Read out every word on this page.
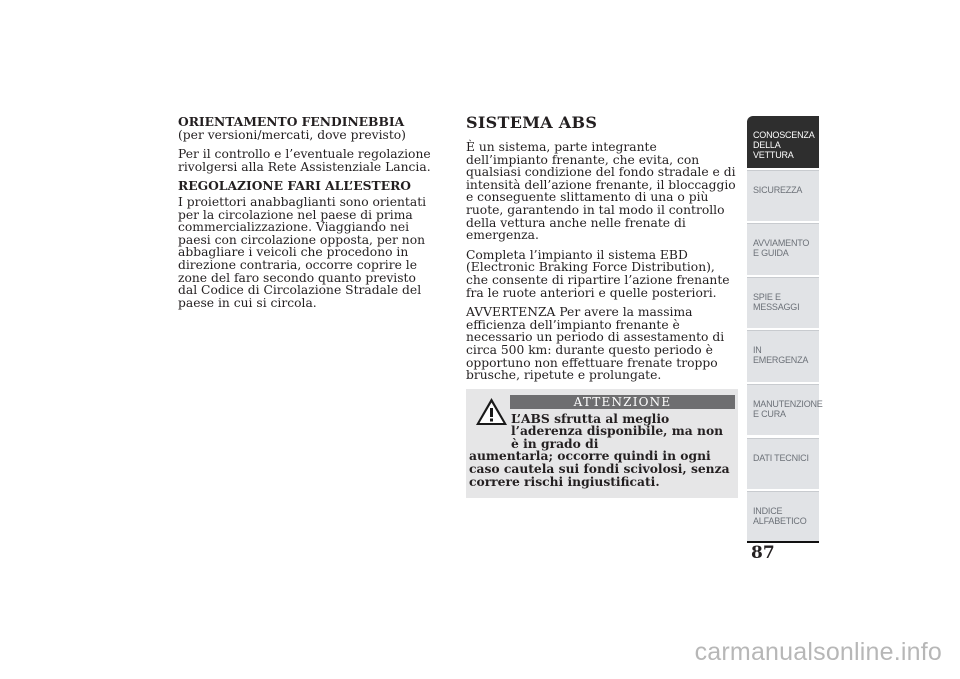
ORIENTAMENTO FENDINEBBIA
(per versioni/mercati, dove previsto)

Per il controllo e l’eventuale regolazione rivolgersi alla Rete Assistenziale Lancia.

REGOLAZIONE FARI ALL’ESTERO

I proiettori anabbaglianti sono orientati per la circolazione nel paese di prima commercializzazione. Viaggiando nei paesi con circolazione opposta, per non abbagliare i veicoli che procedono in direzione contraria, occorre coprire le zone del faro secondo quanto previsto dal Codice di Circolazione Stradale del paese in cui si circola.

SISTEMA ABS

È un sistema, parte integrante dell’impianto frenante, che evita, con qualsiasi condizione del fondo stradale e di intensità dell’azione frenante, il bloccaggio e conseguente slittamento di una o più ruote, garantendo in tal modo il controllo della vettura anche nelle frenate di emergenza.

Completa l’impianto il sistema EBD (Electronic Braking Force Distribution), che consente di ripartire l’azione frenante fra le ruote anteriori e quelle posteriori.

AVVERTENZA Per avere la massima efficienza dell’impianto frenante è necessario un periodo di assestamento di circa 500 km: durante questo periodo è opportuno non effettuare frenate troppo brusche, ripetute e prolungate.

ATTENZIONE
L’ABS sfrutta al meglio l’aderenza disponibile, ma non è in grado di
aumentarla; occorre quindi in ogni caso cautela sui fondi scivolosi, senza correre rischi ingiustificati.
CONOSCENZA DELLA VETTURA
SICUREZZA
AVVIAMENTO E GUIDA
SPIE E MESSAGGI
IN EMERGENZA
MANUTENZIONE E CURA
DATI TECNICI
INDICE ALFABETICO
87
carmanualsonline.info
